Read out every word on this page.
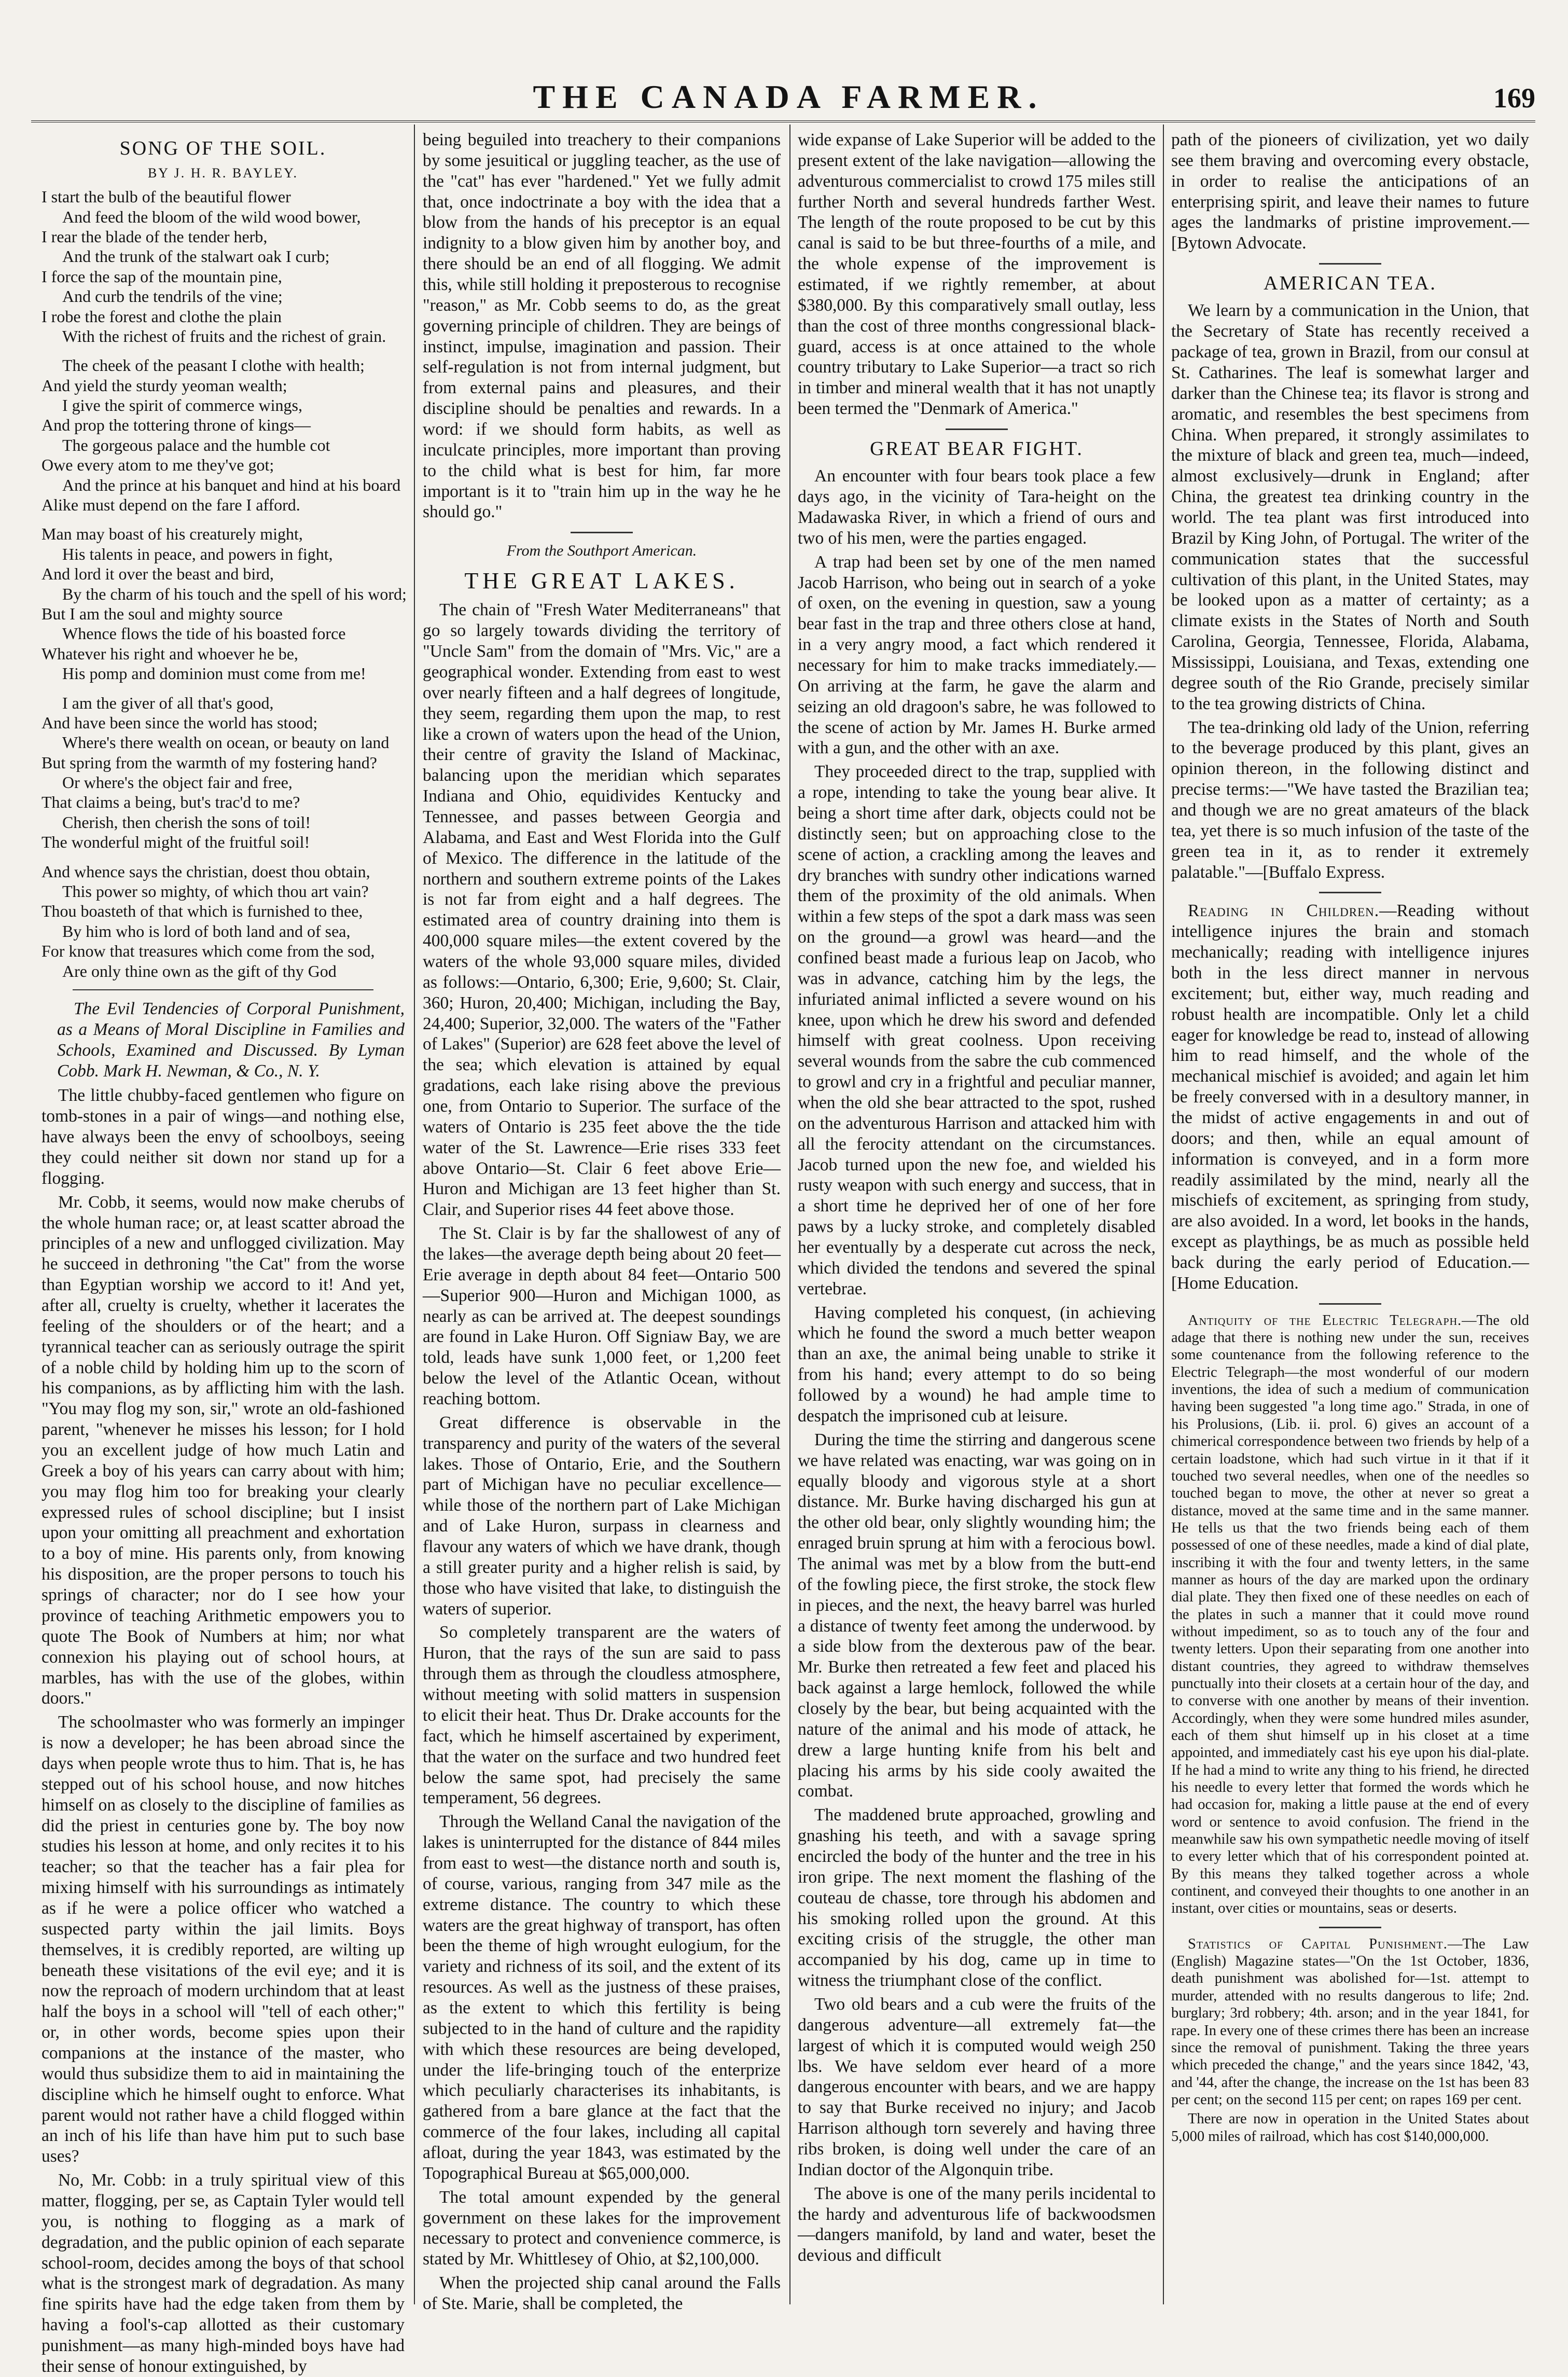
THE CANADA FARMER.	169
SONG OF THE SOIL.
BY J. H. R. BAYLEY.
I start the bulb of the beautiful flower
And feed the bloom of the wild wood bower,
I rear the blade of the tender herb,
And the trunk of the stalwart oak I curb;
I force the sap of the mountain pine,
And curb the tendrils of the vine;
I robe the forest and clothe the plain
With the richest of fruits and the richest of grain.
The cheek of the peasant I clothe with health;
And yield the sturdy yeoman wealth;
I give the spirit of commerce wings,
And prop the tottering throne of kings—
The gorgeous palace and the humble cot
Owe every atom to me they've got;
And the prince at his banquet and hind at his board
Alike must depend on the fare I afford.
Man may boast of his creaturely might,
His talents in peace, and powers in fight,
And lord it over the beast and bird,
By the charm of his touch and the spell of his word;
But I am the soul and mighty source
Whence flows the tide of his boasted force
Whatever his right and whoever he be,
His pomp and dominion must come from me!
I am the giver of all that's good,
And have been since the world has stood;
Where's there wealth on ocean, or beauty on land
But spring from the warmth of my fostering hand?
Or where's the object fair and free,
That claims a being, but's trac'd to me?
Cherish, then cherish the sons of toil!
The wonderful might of the fruitful soil!
And whence says the christian, doest thou obtain,
This power so mighty, of which thou art vain?
Thou boasteth of that which is furnished to thee,
By him who is lord of both land and of sea,
For know that treasures which come from the sod,
Are only thine own as the gift of thy God

The Evil Tendencies of Corporal Punishment, as a Means of Moral Discipline in Families and Schools, Examined and Discussed. By Lyman Cobb. Mark H. Newman, & Co., N. Y.

The little chubby-faced gentlemen who figure on tomb-stones in a pair of wings—and nothing else, have always been the envy of schoolboys, seeing they could neither sit down nor stand up for a flogging.

Mr. Cobb, it seems, would now make cherubs of the whole human race; or, at least scatter abroad the principles of a new and unflogged civilization. May he succeed in dethroning "the Cat" from the worse than Egyptian worship we accord to it! And yet, after all, cruelty is cruelty, whether it lacerates the feeling of the shoulders or of the heart; and a tyrannical teacher can as seriously outrage the spirit of a noble child by holding him up to the scorn of his companions, as by afflicting him with the lash. "You may flog my son, sir," wrote an old-fashioned parent, "whenever he misses his lesson; for I hold you an excellent judge of how much Latin and Greek a boy of his years can carry about with him; you may flog him too for breaking your clearly expressed rules of school discipline; but I insist upon your omitting all preachment and exhortation to a boy of mine. His parents only, from knowing his disposition, are the proper persons to touch his springs of character; nor do I see how your province of teaching Arithmetic empowers you to quote The Book of Numbers at him; nor what connexion his playing out of school hours, at marbles, has with the use of the globes, within doors."

The schoolmaster who was formerly an impinger is now a developer; he has been abroad since the days when people wrote thus to him. That is, he has stepped out of his school house, and now hitches himself on as closely to the discipline of families as did the priest in centuries gone by. The boy now studies his lesson at home, and only recites it to his teacher; so that the teacher has a fair plea for mixing himself with his surroundings as intimately as if he were a police officer who watched a suspected party within the jail limits. Boys themselves, it is credibly reported, are wilting up beneath these visitations of the evil eye; and it is now the reproach of modern urchindom that at least half the boys in a school will "tell of each other;" or, in other words, become spies upon their companions at the instance of the master, who would thus subsidize them to aid in maintaining the discipline which he himself ought to enforce. What parent would not rather have a child flogged within an inch of his life than have him put to such base uses?

No, Mr. Cobb: in a truly spiritual view of this matter, flogging, per se, as Captain Tyler would tell you, is nothing to flogging as a mark of degradation, and the public opinion of each separate school-room, decides among the boys of that school what is the strongest mark of degradation. As many fine spirits have had the edge taken from them by having a fool's-cap allotted as their customary punishment—as many high-minded boys have had their sense of honour extinguished, by

being beguiled into treachery to their companions by some jesuitical or juggling teacher, as the use of the "cat" has ever "hardened." Yet we fully admit that, once indoctrinate a boy with the idea that a blow from the hands of his preceptor is an equal indignity to a blow given him by another boy, and there should be an end of all flogging. We admit this, while still holding it preposterous to recognise "reason," as Mr. Cobb seems to do, as the great governing principle of children. They are beings of instinct, impulse, imagination and passion. Their self-regulation is not from internal judgment, but from external pains and pleasures, and their discipline should be penalties and rewards. In a word: if we should form habits, as well as inculcate principles, more important than proving to the child what is best for him, far more important is it to "train him up in the way he he should go."

From the Southport American.
THE GREAT LAKES.

The chain of "Fresh Water Mediterraneans" that go so largely towards dividing the territory of "Uncle Sam" from the domain of "Mrs. Vic," are a geographical wonder. Extending from east to west over nearly fifteen and a half degrees of longitude, they seem, regarding them upon the map, to rest like a crown of waters upon the head of the Union, their centre of gravity the Island of Mackinac, balancing upon the meridian which separates Indiana and Ohio, equidivides Kentucky and Tennessee, and passes between Georgia and Alabama, and East and West Florida into the Gulf of Mexico. The difference in the latitude of the northern and southern extreme points of the Lakes is not far from eight and a half degrees. The estimated area of country draining into them is 400,000 square miles—the extent covered by the waters of the whole 93,000 square miles, divided as follows:—Ontario, 6,300; Erie, 9,600; St. Clair, 360; Huron, 20,400; Michigan, including the Bay, 24,400; Superior, 32,000. The waters of the "Father of Lakes" (Superior) are 628 feet above the level of the sea; which elevation is attained by equal gradations, each lake rising above the previous one, from Ontario to Superior. The surface of the waters of Ontario is 235 feet above the the tide water of the St. Lawrence—Erie rises 333 feet above Ontario—St. Clair 6 feet above Erie—Huron and Michigan are 13 feet higher than St. Clair, and Superior rises 44 feet above those.

The St. Clair is by far the shallowest of any of the lakes—the average depth being about 20 feet—Erie average in depth about 84 feet—Ontario 500—Superior 900—Huron and Michigan 1000, as nearly as can be arrived at. The deepest soundings are found in Lake Huron. Off Signiaw Bay, we are told, leads have sunk 1,000 feet, or 1,200 feet below the level of the Atlantic Ocean, without reaching bottom.

Great difference is observable in the transparency and purity of the waters of the several lakes. Those of Ontario, Erie, and the Southern part of Michigan have no peculiar excellence—while those of the northern part of Lake Michigan and of Lake Huron, surpass in clearness and flavour any waters of which we have drank, though a still greater purity and a higher relish is said, by those who have visited that lake, to distinguish the waters of superior.

So completely transparent are the waters of Huron, that the rays of the sun are said to pass through them as through the cloudless atmosphere, without meeting with solid matters in suspension to elicit their heat. Thus Dr. Drake accounts for the fact, which he himself ascertained by experiment, that the water on the surface and two hundred feet below the same spot, had precisely the same temperament, 56 degrees.

Through the Welland Canal the navigation of the lakes is uninterrupted for the distance of 844 miles from east to west—the distance north and south is, of course, various, ranging from 347 mile as the extreme distance. The country to which these waters are the great highway of transport, has often been the theme of high wrought eulogium, for the variety and richness of its soil, and the extent of its resources. As well as the justness of these praises, as the extent to which this fertility is being subjected to in the hand of culture and the rapidity with which these resources are being developed, under the life-bringing touch of the enterprize which peculiarly characterises its inhabitants, is gathered from a bare glance at the fact that the commerce of the four lakes, including all capital afloat, during the year 1843, was estimated by the Topographical Bureau at $65,000,000.

The total amount expended by the general government on these lakes for the improvement necessary to protect and convenience commerce, is stated by Mr. Whittlesey of Ohio, at $2,100,000.

When the projected ship canal around the Falls of Ste. Marie, shall be completed, the

wide expanse of Lake Superior will be added to the present extent of the lake navigation—allowing the adventurous commercialist to crowd 175 miles still further North and several hundreds farther West. The length of the route proposed to be cut by this canal is said to be but three-fourths of a mile, and the whole expense of the improvement is estimated, if we rightly remember, at about $380,000. By this comparatively small outlay, less than the cost of three months congressional black-guard, access is at once attained to the whole country tributary to Lake Superior—a tract so rich in timber and mineral wealth that it has not unaptly been termed the "Denmark of America."

GREAT BEAR FIGHT.

An encounter with four bears took place a few days ago, in the vicinity of Tara-height on the Madawaska River, in which a friend of ours and two of his men, were the parties engaged.

A trap had been set by one of the men named Jacob Harrison, who being out in search of a yoke of oxen, on the evening in question, saw a young bear fast in the trap and three others close at hand, in a very angry mood, a fact which rendered it necessary for him to make tracks immediately.—On arriving at the farm, he gave the alarm and seizing an old dragoon's sabre, he was followed to the scene of action by Mr. James H. Burke armed with a gun, and the other with an axe.

They proceeded direct to the trap, supplied with a rope, intending to take the young bear alive. It being a short time after dark, objects could not be distinctly seen; but on approaching close to the scene of action, a crackling among the leaves and dry branches with sundry other indications warned them of the proximity of the old animals. When within a few steps of the spot a dark mass was seen on the ground—a growl was heard—and the confined beast made a furious leap on Jacob, who was in advance, catching him by the legs, the infuriated animal inflicted a severe wound on his knee, upon which he drew his sword and defended himself with great coolness. Upon receiving several wounds from the sabre the cub commenced to growl and cry in a frightful and peculiar manner, when the old she bear attracted to the spot, rushed on the adventurous Harrison and attacked him with all the ferocity attendant on the circumstances. Jacob turned upon the new foe, and wielded his rusty weapon with such energy and success, that in a short time he deprived her of one of her fore paws by a lucky stroke, and completely disabled her eventually by a desperate cut across the neck, which divided the tendons and severed the spinal vertebrae.

Having completed his conquest, (in achieving which he found the sword a much better weapon than an axe, the animal being unable to strike it from his hand; every attempt to do so being followed by a wound) he had ample time to despatch the imprisoned cub at leisure.

During the time the stirring and dangerous scene we have related was enacting, war was going on in equally bloody and vigorous style at a short distance. Mr. Burke having discharged his gun at the other old bear, only slightly wounding him; the enraged bruin sprung at him with a ferocious bowl. The animal was met by a blow from the butt-end of the fowling piece, the first stroke, the stock flew in pieces, and the next, the heavy barrel was hurled a distance of twenty feet among the underwood. by a side blow from the dexterous paw of the bear. Mr. Burke then retreated a few feet and placed his back against a large hemlock, followed the while closely by the bear, but being acquainted with the nature of the animal and his mode of attack, he drew a large hunting knife from his belt and placing his arms by his side cooly awaited the combat.

The maddened brute approached, growling and gnashing his teeth, and with a savage spring encircled the body of the hunter and the tree in his iron gripe. The next moment the flashing of the couteau de chasse, tore through his abdomen and his smoking rolled upon the ground. At this exciting crisis of the struggle, the other man accompanied by his dog, came up in time to witness the triumphant close of the conflict.

Two old bears and a cub were the fruits of the dangerous adventure—all extremely fat—the largest of which it is computed would weigh 250 lbs. We have seldom ever heard of a more dangerous encounter with bears, and we are happy to say that Burke received no injury; and Jacob Harrison although torn severely and having three ribs broken, is doing well under the care of an Indian doctor of the Algonquin tribe.

The above is one of the many perils incidental to the hardy and adventurous life of backwoodsmen—dangers manifold, by land and water, beset the devious and difficult

path of the pioneers of civilization, yet wo daily see them braving and overcoming every obstacle, in order to realise the anticipations of an enterprising spirit, and leave their names to future ages the landmarks of pristine improvement.—[Bytown Advocate.

AMERICAN TEA.

We learn by a communication in the Union, that the Secretary of State has recently received a package of tea, grown in Brazil, from our consul at St. Catharines. The leaf is somewhat larger and darker than the Chinese tea; its flavor is strong and aromatic, and resembles the best specimens from China. When prepared, it strongly assimilates to the mixture of black and green tea, much—indeed, almost exclusively—drunk in England; after China, the greatest tea drinking country in the world. The tea plant was first introduced into Brazil by King John, of Portugal. The writer of the communication states that the successful cultivation of this plant, in the United States, may be looked upon as a matter of certainty; as a climate exists in the States of North and South Carolina, Georgia, Tennessee, Florida, Alabama, Mississippi, Louisiana, and Texas, extending one degree south of the Rio Grande, precisely similar to the tea growing districts of China.

The tea-drinking old lady of the Union, referring to the beverage produced by this plant, gives an opinion thereon, in the following distinct and precise terms:—"We have tasted the Brazilian tea; and though we are no great amateurs of the black tea, yet there is so much infusion of the taste of the green tea in it, as to render it extremely palatable."—[Buffalo Express.

Reading in Children.—Reading without intelligence injures the brain and stomach mechanically; reading with intelligence injures both in the less direct manner in nervous excitement; but, either way, much reading and robust health are incompatible. Only let a child eager for knowledge be read to, instead of allowing him to read himself, and the whole of the mechanical mischief is avoided; and again let him be freely conversed with in a desultory manner, in the midst of active engagements in and out of doors; and then, while an equal amount of information is conveyed, and in a form more readily assimilated by the mind, nearly all the mischiefs of excitement, as springing from study, are also avoided. In a word, let books in the hands, except as playthings, be as much as possible held back during the early period of Education.—[Home Education.

Antiquity of the Electric Telegraph.—The old adage that there is nothing new under the sun, receives some countenance from the following reference to the Electric Telegraph—the most wonderful of our modern inventions, the idea of such a medium of communication having been suggested "a long time ago." Strada, in one of his Prolusions, (Lib. ii. prol. 6) gives an account of a chimerical correspondence between two friends by help of a certain loadstone, which had such virtue in it that if it touched two several needles, when one of the needles so touched began to move, the other at never so great a distance, moved at the same time and in the same manner. He tells us that the two friends being each of them possessed of one of these needles, made a kind of dial plate, inscribing it with the four and twenty letters, in the same manner as hours of the day are marked upon the ordinary dial plate. They then fixed one of these needles on each of the plates in such a manner that it could move round without impediment, so as to touch any of the four and twenty letters. Upon their separating from one another into distant countries, they agreed to withdraw themselves punctually into their closets at a certain hour of the day, and to converse with one another by means of their invention. Accordingly, when they were some hundred miles asunder, each of them shut himself up in his closet at a time appointed, and immediately cast his eye upon his dial-plate. If he had a mind to write any thing to his friend, he directed his needle to every letter that formed the words which he had occasion for, making a little pause at the end of every word or sentence to avoid confusion. The friend in the meanwhile saw his own sympathetic needle moving of itself to every letter which that of his correspondent pointed at. By this means they talked together across a whole continent, and conveyed their thoughts to one another in an instant, over cities or mountains, seas or deserts.

Statistics of Capital Punishment.—The Law (English) Magazine states—"On the 1st October, 1836, death punishment was abolished for—1st. attempt to murder, attended with no results dangerous to life; 2nd. burglary; 3rd robbery; 4th. arson; and in the year 1841, for rape. In every one of these crimes there has been an increase since the removal of punishment. Taking the three years which preceded the change," and the years since 1842, '43, and '44, after the change, the increase on the 1st has been 83 per cent; on the second 115 per cent; on rapes 169 per cent.

There are now in operation in the United States about 5,000 miles of railroad, which has cost $140,000,000.
